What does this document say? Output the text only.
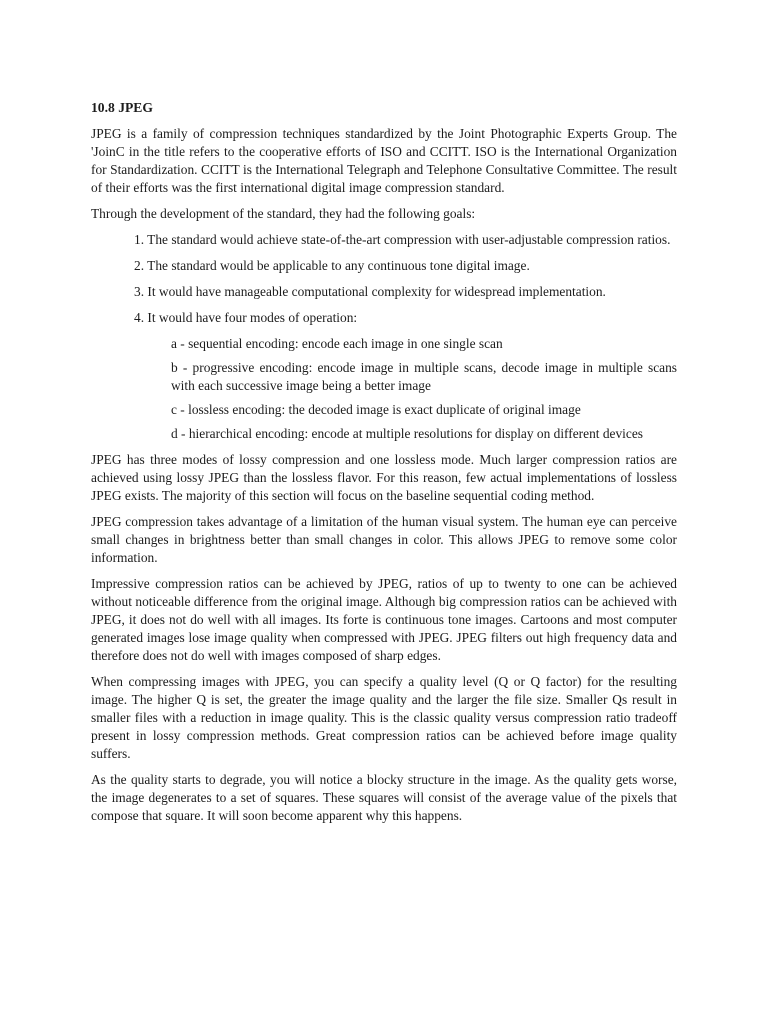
10.8 JPEG

JPEG is a family of compression techniques standardized by the Joint Photographic Experts Group. The 'JoinC in the title refers to the cooperative efforts of ISO and CCITT. ISO is the International Organization for Standardization. CCITT is the International Telegraph and Telephone Consultative Committee. The result of their efforts was the first international digital image compression standard.

Through the development of the standard, they had the following goals:

1. The standard would achieve state-of-the-art compression with user-adjustable compression ratios.
2. The standard would be applicable to any continuous tone digital image.
3. It would have manageable computational complexity for widespread implementation.
4. It would have four modes of operation:
a - sequential encoding: encode each image in one single scan
b - progressive encoding: encode image in multiple scans, decode image in multiple scans with each successive image being a better image
c - lossless encoding: the decoded image is exact duplicate of original image
d - hierarchical encoding: encode at multiple resolutions for display on different devices

JPEG has three modes of lossy compression and one lossless mode. Much larger compression ratios are achieved using lossy JPEG than the lossless flavor. For this reason, few actual implementations of lossless JPEG exists. The majority of this section will focus on the baseline sequential coding method.

JPEG compression takes advantage of a limitation of the human visual system. The human eye can perceive small changes in brightness better than small changes in color. This allows JPEG to remove some color information.

Impressive compression ratios can be achieved by JPEG, ratios of up to twenty to one can be achieved without noticeable difference from the original image. Although big compression ratios can be achieved with JPEG, it does not do well with all images. Its forte is continuous tone images. Cartoons and most computer generated images lose image quality when compressed with JPEG. JPEG filters out high frequency data and therefore does not do well with images composed of sharp edges.

When compressing images with JPEG, you can specify a quality level (Q or Q factor) for the resulting image. The higher Q is set, the greater the image quality and the larger the file size. Smaller Qs result in smaller files with a reduction in image quality. This is the classic quality versus compression ratio tradeoff present in lossy compression methods. Great compression ratios can be achieved before image quality suffers.

As the quality starts to degrade, you will notice a blocky structure in the image. As the quality gets worse, the image degenerates to a set of squares. These squares will consist of the average value of the pixels that compose that square. It will soon become apparent why this happens.
